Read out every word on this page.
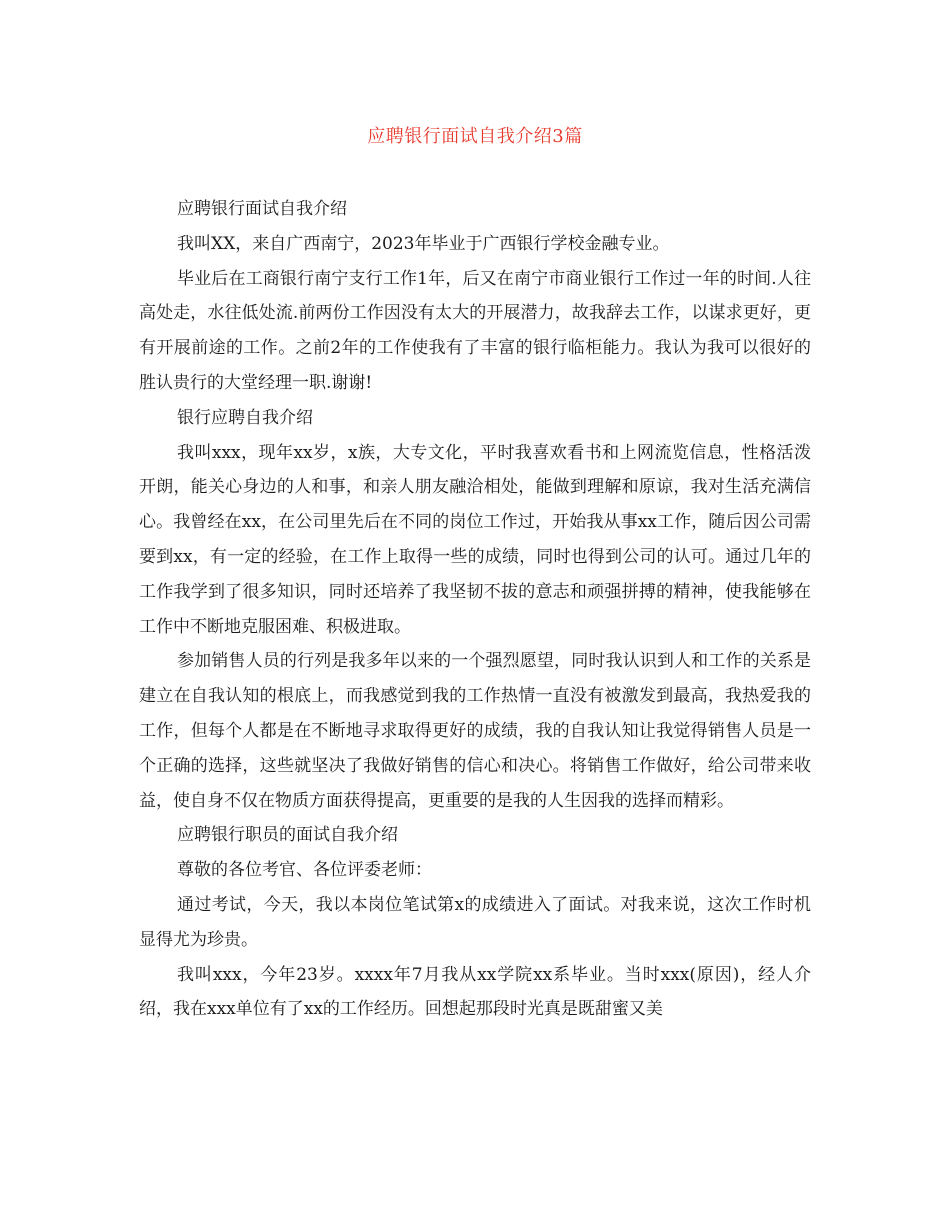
应聘银行面试自我介绍3篇

应聘银行面试自我介绍

我叫XX，来自广西南宁，2023年毕业于广西银行学校金融专业。

毕业后在工商银行南宁支行工作1年，后又在南宁市商业银行工作过一年的时间.人往高处走，水往低处流.前两份工作因没有太大的开展潜力，故我辞去工作，以谋求更好，更有开展前途的工作。之前2年的工作使我有了丰富的银行临柜能力。我认为我可以很好的胜认贵行的大堂经理一职.谢谢!

银行应聘自我介绍

我叫xxx，现年xx岁，x族，大专文化，平时我喜欢看书和上网流览信息，性格活泼开朗，能关心身边的人和事，和亲人朋友融洽相处，能做到理解和原谅，我对生活充满信心。我曾经在xx，在公司里先后在不同的岗位工作过，开始我从事xx工作，随后因公司需要到xx，有一定的经验，在工作上取得一些的成绩，同时也得到公司的认可。通过几年的工作我学到了很多知识，同时还培养了我坚韧不拔的意志和顽强拼搏的精神，使我能够在工作中不断地克服困难、积极进取。

参加销售人员的行列是我多年以来的一个强烈愿望，同时我认识到人和工作的关系是建立在自我认知的根底上，而我感觉到我的工作热情一直没有被激发到最高，我热爱我的工作，但每个人都是在不断地寻求取得更好的成绩，我的自我认知让我觉得销售人员是一个正确的选择，这些就坚决了我做好销售的信心和决心。将销售工作做好，给公司带来收益，使自身不仅在物质方面获得提高，更重要的是我的人生因我的选择而精彩。

应聘银行职员的面试自我介绍

尊敬的各位考官、各位评委老师：

通过考试，今天，我以本岗位笔试第x的成绩进入了面试。对我来说，这次工作时机显得尤为珍贵。

我叫xxx，今年23岁。xxxx年7月我从xx学院xx系毕业。当时xxx(原因)，经人介绍，我在xxx单位有了xx的工作经历。回想起那段时光真是既甜蜜又美
